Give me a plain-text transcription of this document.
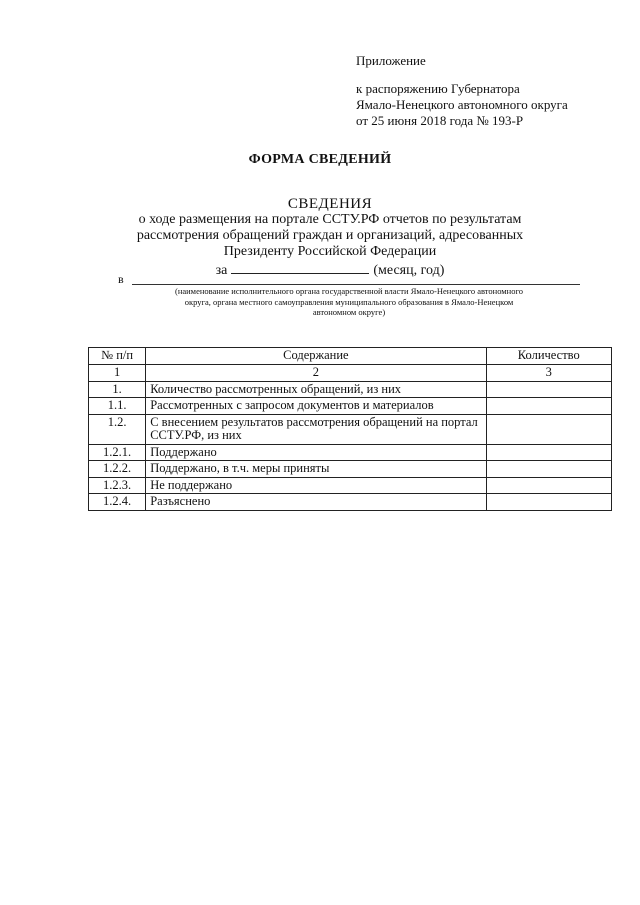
Приложение
к распоряжению Губернатора
Ямало-Ненецкого автономного округа
от 25 июня 2018 года № 193-Р
ФОРМА СВЕДЕНИЙ
СВЕДЕНИЯ
о ходе размещения на портале ССТУ.РФ отчетов по результатам
рассмотрения обращений граждан и организаций, адресованных
Президенту Российской Федерации
за	(месяц, год)
в
(наименование исполнительного органа государственной власти Ямало-Ненецкого автономного
округа, органа местного самоуправления муниципального образования в Ямало-Ненецком
автономном округе)
№ п/п	Содержание	Количество
1	2	3
1.	Количество рассмотренных обращений, из них	
1.1.	Рассмотренных с запросом документов и материалов	
1.2.	С внесением результатов рассмотрения обращений на портал ССТУ.РФ, из них	
1.2.1.	Поддержано	
1.2.2.	Поддержано, в т.ч. меры приняты	
1.2.3.	Не поддержано	
1.2.4.	Разъяснено	
